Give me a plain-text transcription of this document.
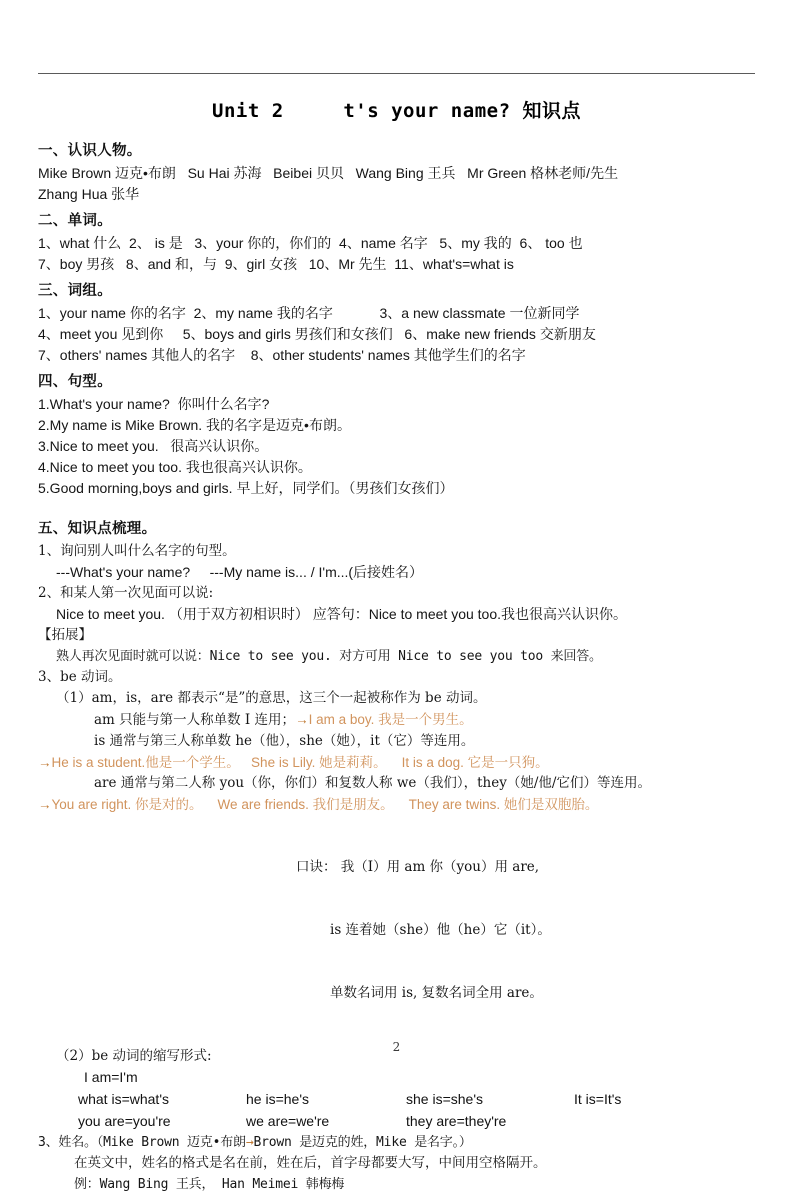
Unit 2     t's your name? 知识点
一、认识人物。

Mike Brown 迈克•布朗   Su Hai 苏海   Beibei 贝贝   Wang Bing 王兵   Mr Green 格林老师/先生

Zhang Hua 张华

二、单词。

1、what 什么  2、 is 是   3、your 你的，你们的  4、name 名字   5、my 我的  6、 too 也

7、boy 男孩   8、and 和，与  9、girl 女孩   10、Mr 先生  11、what's=what is

三、词组。

1、your name 你的名字  2、my name 我的名字            3、a new classmate 一位新同学

4、meet you 见到你     5、boys and girls 男孩们和女孩们   6、make new friends 交新朋友

7、others' names 其他人的名字    8、other students' names 其他学生们的名字

四、句型。

1.What's your name?  你叫什么名字?

2.My name is Mike Brown. 我的名字是迈克•布朗。

3.Nice to meet you.   很高兴认识你。

4.Nice to meet you too. 我也很高兴认识你。

5.Good morning,boys and girls. 早上好，同学们。（男孩们女孩们）

五、知识点梳理。

1、询问别人叫什么名字的句型。

---What's your name?     ---My name is... / I'm...(后接姓名）

2、和某人第一次见面可以说:

Nice to meet you. （用于双方初相识时） 应答句：Nice to meet you too.我也很高兴认识你。

【拓展】

熟人再次见面时就可以说：Nice to see you. 对方可用 Nice to see you too 来回答。

3、be 动词。

（1）am，is，are 都表示“是”的意思，这三个一起被称作为 be 动词。

am 只能与第一人称单数 I 连用；→I am a boy. 我是一个男生。

is 通常与第三人称单数 he（他），she（她），it（它）等连用。

→He is a student.他是一个学生。   She is Lily. 她是莉莉。    It is a dog. 它是一只狗。

are 通常与第二人称 you（你，你们）和复数人称 we（我们），they（她/他/它们）等连用。

→You are right. 你是对的。    We are friends. 我们是朋友。    They are twins. 她们是双胞胎。

口诀： 我（I）用 am 你（you）用 are,

is 连着她（she）他（he）它（it）。

单数名词用 is, 复数名词全用 are。

（2）be 动词的缩写形式:

I am=I'm

what is=what's	he is=he's	she is=she's	It is=It's
you are=you're	we are=we're	they are=they're

3、姓名。（Mike Brown 迈克•布朗→Brown 是迈克的姓，Mike 是名字。）

在英文中，姓名的格式是名在前，姓在后，首字母都要大写，中间用空格隔开。

例：Wang Bing 王兵， Han Meimei 韩梅梅

2
